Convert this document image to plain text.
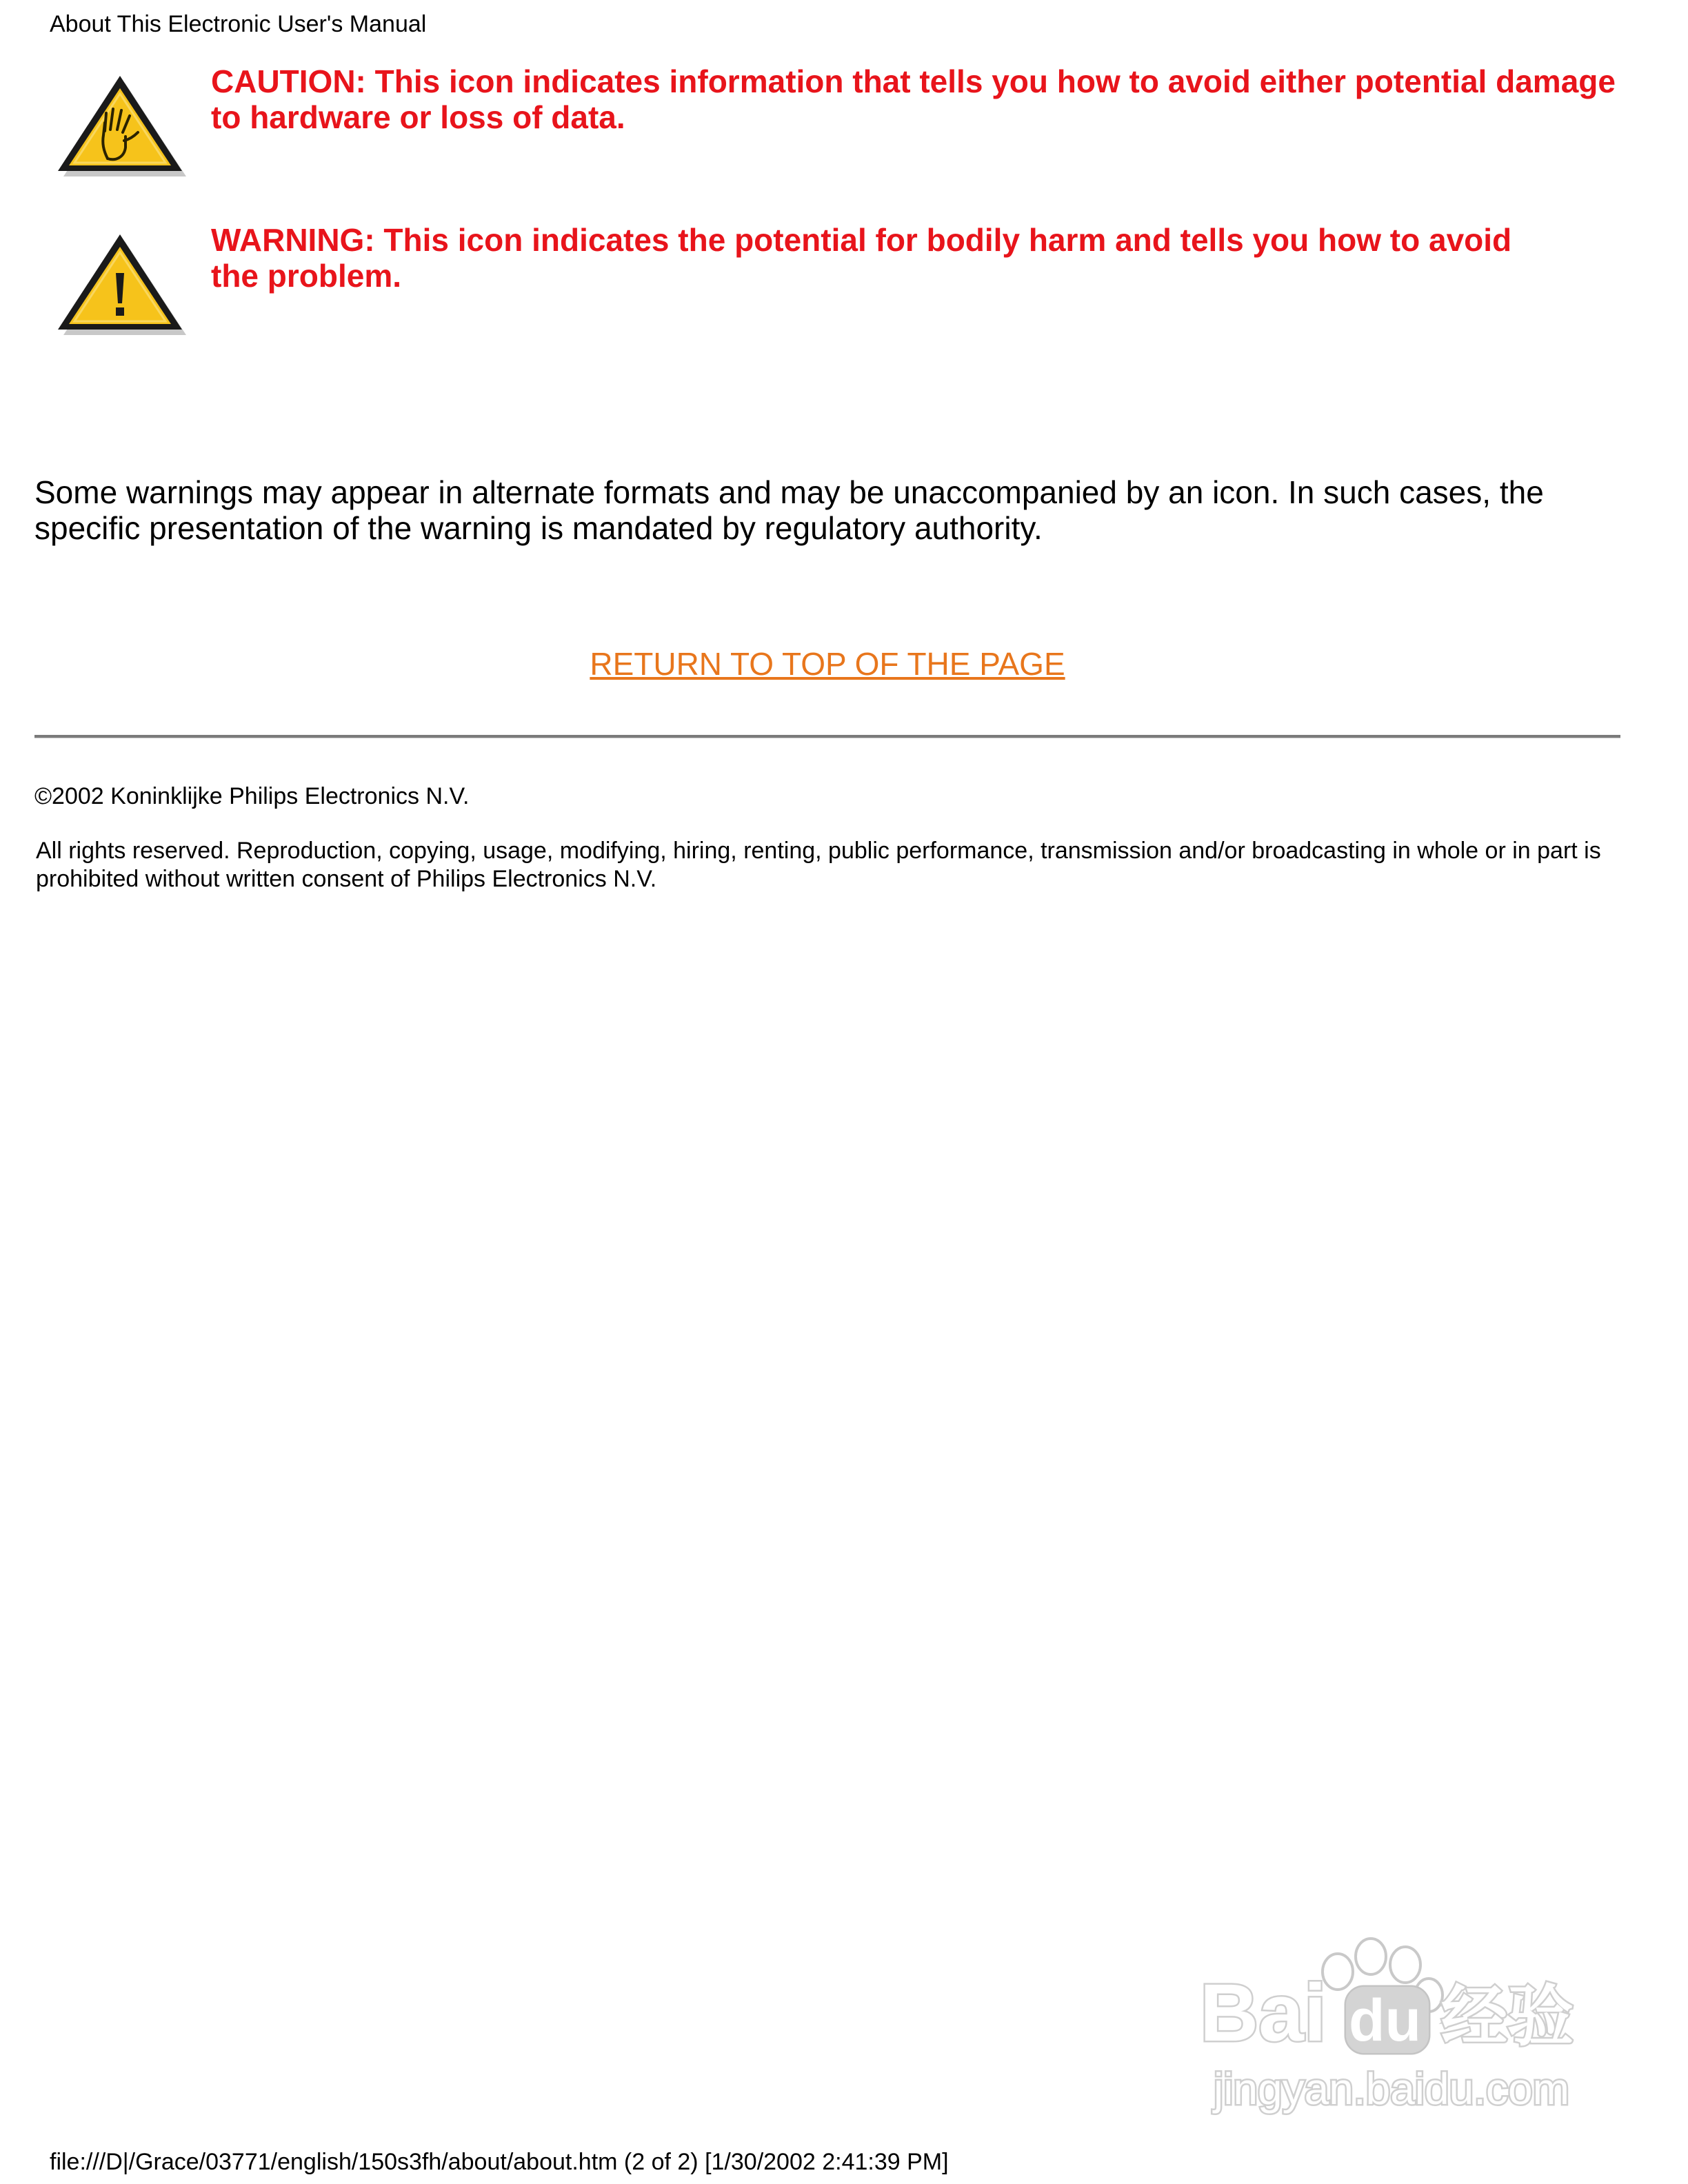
About This Electronic User's Manual
CAUTION: This icon indicates information that tells you how to avoid either potential damage to hardware or loss of data.
WARNING: This icon indicates the potential for bodily harm and tells you how to avoid the problem.

Some warnings may appear in alternate formats and may be unaccompanied by an icon. In such cases, the specific presentation of the warning is mandated by regulatory authority.

RETURN TO TOP OF THE PAGE
©2002 Koninklijke Philips Electronics N.V.
All rights reserved. Reproduction, copying, usage, modifying, hiring, renting, public performance, transmission and/or broadcasting in whole or in part is prohibited without written consent of Philips Electronics N.V.
Bai du 经验
jingyan.baidu.com
file:///D|/Grace/03771/english/150s3fh/about/about.htm (2 of 2) [1/30/2002 2:41:39 PM]
